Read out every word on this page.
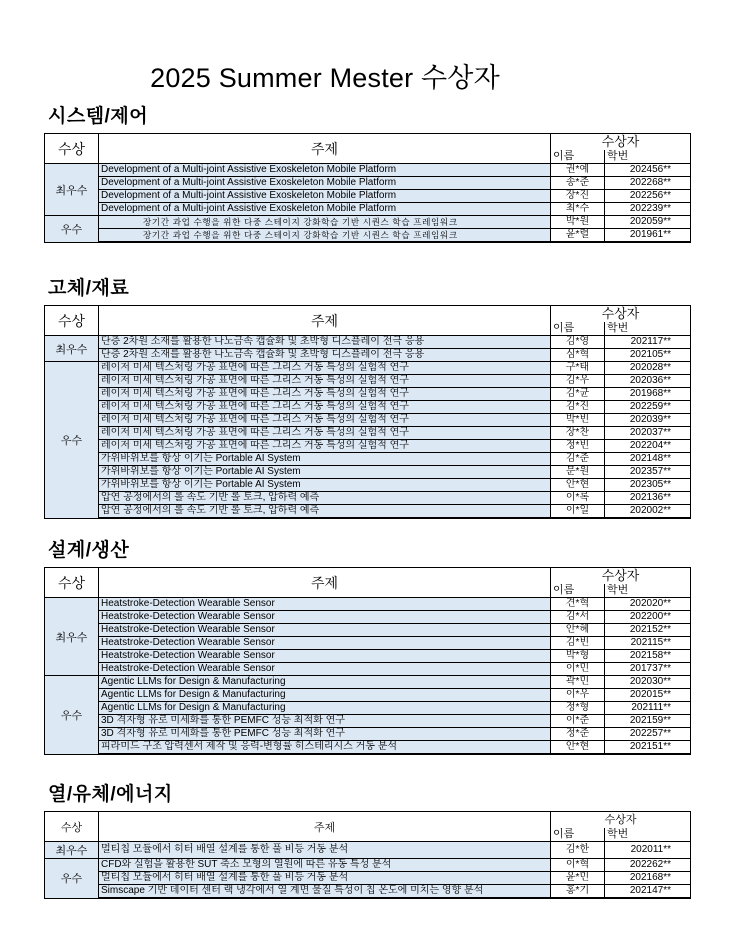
2025 Summer Mester 수상자
시스템/제어
수상	주제	수상자	
		이름	학번
최우수	Development of a Multi-joint Assistive Exoskeleton Mobile Platform	권*예	202456**
	Development of a Multi-joint Assistive Exoskeleton Mobile Platform	송*준	202268**
	Development of a Multi-joint Assistive Exoskeleton Mobile Platform	장*진	202256**
	Development of a Multi-joint Assistive Exoskeleton Mobile Platform	최*수	202239**
우수	장기간 과업 수행을 위한 다중 스테이지 강화학습 기반 시퀀스 학습 프레임워크	박*원	202059**
	장기간 과업 수행을 위한 다중 스테이지 강화학습 기반 시퀀스 학습 프레임워크	윤*렬	201961**
고체/재료
수상	주제	수상자	
		이름	학번
최우수	단층 2차원 소재를 활용한 나노금속 캡슐화 및 초박형 디스플레이 전극 응용	김*영	202117**
	단층 2차원 소재를 활용한 나노금속 캡슐화 및 초박형 디스플레이 전극 응용	심*혁	202105**
우수	레이저 미세 텍스처링 가공 표면에 따른 그리스 거동 특성의 실험적 연구	구*태	202028**
	레이저 미세 텍스처링 가공 표면에 따른 그리스 거동 특성의 실험적 연구	김*우	202036**
	레이저 미세 텍스처링 가공 표면에 따른 그리스 거동 특성의 실험적 연구	김*균	201968**
	레이저 미세 텍스처링 가공 표면에 따른 그리스 거동 특성의 실험적 연구	김*진	202259**
	레이저 미세 텍스처링 가공 표면에 따른 그리스 거동 특성의 실험적 연구	박*빈	202039**
	레이저 미세 텍스처링 가공 표면에 따른 그리스 거동 특성의 실험적 연구	장*찬	202037**
	레이저 미세 텍스처링 가공 표면에 따른 그리스 거동 특성의 실험적 연구	정*빈	202204**
	가위바위보를 항상 이기는 Portable AI System	김*준	202148**
	가위바위보를 항상 이기는 Portable AI System	문*원	202357**
	가위바위보를 항상 이기는 Portable AI System	안*현	202305**
	압연 공정에서의 롤 속도 기반 롤 토크, 압하력 예측	이*록	202136**
	압연 공정에서의 롤 속도 기반 롤 토크, 압하력 예측	이*일	202002**
설계/생산
수상	주제	수상자	
		이름	학번
최우수	Heatstroke-Detection Wearable Sensor	견*혁	202020**
	Heatstroke-Detection Wearable Sensor	김*서	202200**
	Heatstroke-Detection Wearable Sensor	안*혜	202152**
	Heatstroke-Detection Wearable Sensor	김*빈	202115**
	Heatstroke-Detection Wearable Sensor	박*형	202158**
	Heatstroke-Detection Wearable Sensor	이*민	201737**
우수	Agentic LLMs for Design & Manufacturing	곽*민	202030**
	Agentic LLMs for Design & Manufacturing	이*우	202015**
	Agentic LLMs for Design & Manufacturing	정*형	202111**
	3D 격자형 유로 미세화를 통한 PEMFC 성능 최적화 연구	이*준	202159**
	3D 격자형 유로 미세화를 통한 PEMFC 성능 최적화 연구	정*준	202257**
	피라미드 구조 압력센서 제작 및 응력-변형률 히스테리시스 거동 분석	안*현	202151**
열/유체/에너지
수상	주제	수상자	
		이름	학번
최우수	멀티칩 모듈에서 히터 배열 설계를 통한 풀 비등 거동 분석	김*한	202011**
우수	CFD와 실험을 활용한 SUT 축소 모형의 열원에 따른 유동 특성 분석	이*혁	202262**
	멀티칩 모듈에서 히터 배열 설계를 통한 풀 비등 거동 분석	윤*민	202168**
	Simscape 기반 데이터 센터 랙 냉각에서 열 계면 물질 특성이 칩 온도에 미치는 영향 분석	홍*기	202147**
